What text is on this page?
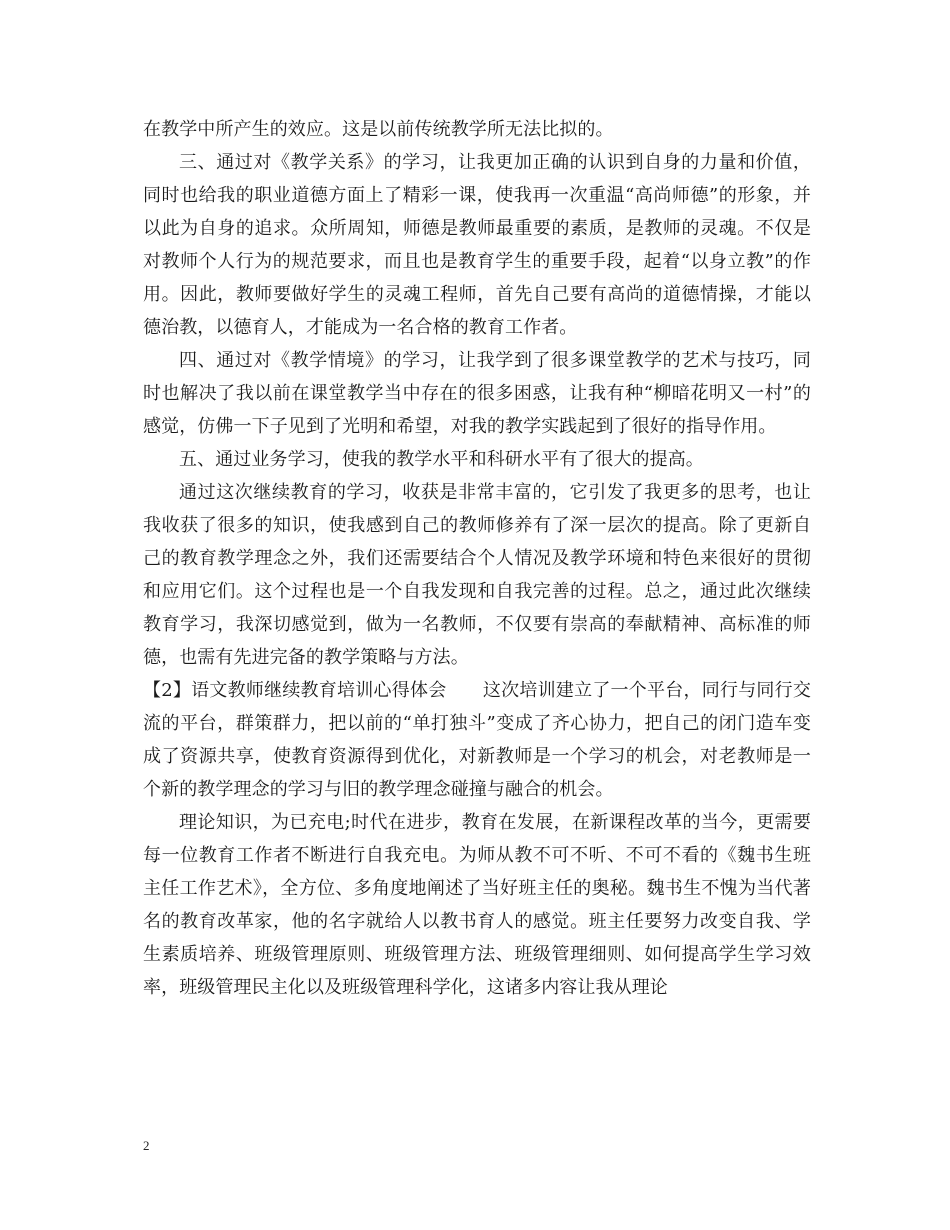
在教学中所产生的效应。这是以前传统教学所无法比拟的。

三、通过对《教学关系》的学习，让我更加正确的认识到自身的力量和价值，同时也给我的职业道德方面上了精彩一课，使我再一次重温“高尚师德”的形象，并以此为自身的追求。众所周知，师德是教师最重要的素质，是教师的灵魂。不仅是对教师个人行为的规范要求，而且也是教育学生的重要手段，起着“以身立教”的作用。因此，教师要做好学生的灵魂工程师，首先自己要有高尚的道德情操，才能以德治教，以德育人，才能成为一名合格的教育工作者。

四、通过对《教学情境》的学习，让我学到了很多课堂教学的艺术与技巧，同时也解决了我以前在课堂教学当中存在的很多困惑，让我有种“柳暗花明又一村”的感觉，仿佛一下子见到了光明和希望，对我的教学实践起到了很好的指导作用。

五、通过业务学习，使我的教学水平和科研水平有了很大的提高。

通过这次继续教育的学习，收获是非常丰富的，它引发了我更多的思考，也让我收获了很多的知识，使我感到自己的教师修养有了深一层次的提高。除了更新自己的教育教学理念之外，我们还需要结合个人情况及教学环境和特色来很好的贯彻和应用它们。这个过程也是一个自我发现和自我完善的过程。总之，通过此次继续教育学习，我深切感觉到，做为一名教师，不仅要有崇高的奉献精神、高标准的师德，也需有先进完备的教学策略与方法。

【2】语文教师继续教育培训心得体会　　这次培训建立了一个平台，同行与同行交流的平台，群策群力，把以前的“单打独斗”变成了齐心协力，把自己的闭门造车变成了资源共享，使教育资源得到优化，对新教师是一个学习的机会，对老教师是一个新的教学理念的学习与旧的教学理念碰撞与融合的机会。

理论知识，为已充电;时代在进步，教育在发展，在新课程改革的当今，更需要每一位教育工作者不断进行自我充电。为师从教不可不听、不可不看的《魏书生班主任工作艺术》，全方位、多角度地阐述了当好班主任的奥秘。魏书生不愧为当代著名的教育改革家，他的名字就给人以教书育人的感觉。班主任要努力改变自我、学生素质培养、班级管理原则、班级管理方法、班级管理细则、如何提高学生学习效率，班级管理民主化以及班级管理科学化，这诸多内容让我从理论

2
